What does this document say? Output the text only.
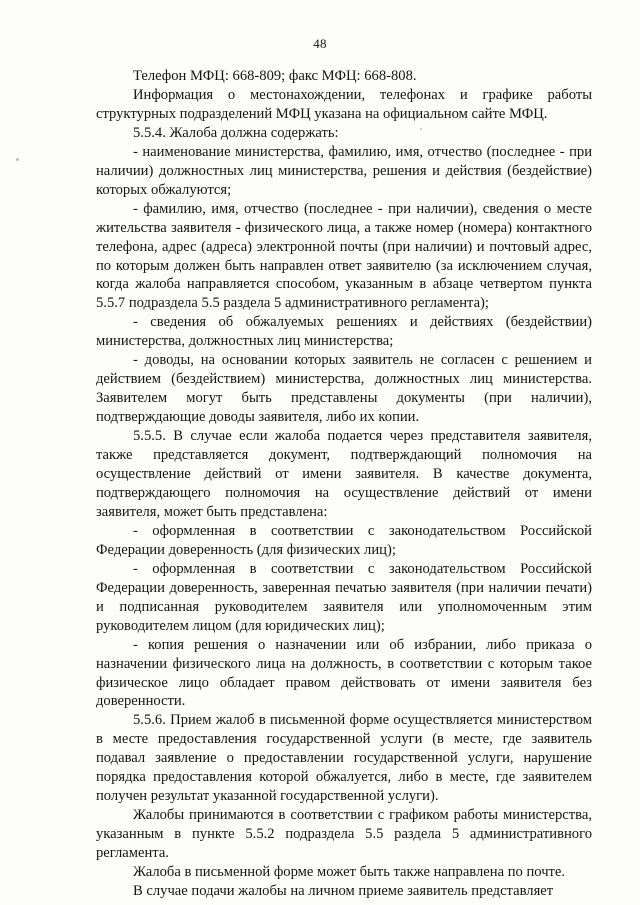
48

Телефон МФЦ: 668-809; факс МФЦ: 668-808.

Информация о местонахождении, телефонах и графике работы структурных подразделений МФЦ указана на официальном сайте МФЦ.

5.5.4. Жалоба должна содержать:

- наименование министерства, фамилию, имя, отчество (последнее - при наличии) должностных лиц министерства, решения и действия (бездействие) которых обжалуются;

- фамилию, имя, отчество (последнее - при наличии), сведения о месте жительства заявителя - физического лица, а также номер (номера) контактного телефона, адрес (адреса) электронной почты (при наличии) и почтовый адрес, по которым должен быть направлен ответ заявителю (за исключением случая, когда жалоба направляется способом, указанным в абзаце четвертом пункта 5.5.7 подраздела 5.5 раздела 5 административного регламента);

- сведения об обжалуемых решениях и действиях (бездействии) министерства, должностных лиц министерства;

- доводы, на основании которых заявитель не согласен с решением и действием (бездействием) министерства, должностных лиц министерства. Заявителем могут быть представлены документы (при наличии), подтверждающие доводы заявителя, либо их копии.

5.5.5. В случае если жалоба подается через представителя заявителя, также представляется документ, подтверждающий полномочия на осуществление действий от имени заявителя. В качестве документа, подтверждающего полномочия на осуществление действий от имени заявителя, может быть представлена:

- оформленная в соответствии с законодательством Российской Федерации доверенность (для физических лиц);

- оформленная в соответствии с законодательством Российской Федерации доверенность, заверенная печатью заявителя (при наличии печати) и подписанная руководителем заявителя или уполномоченным этим руководителем лицом (для юридических лиц);

- копия решения о назначении или об избрании, либо приказа о назначении физического лица на должность, в соответствии с которым такое физическое лицо обладает правом действовать от имени заявителя без доверенности.

5.5.6. Прием жалоб в письменной форме осуществляется министерством в месте предоставления государственной услуги (в месте, где заявитель подавал заявление о предоставлении государственной услуги, нарушение порядка предоставления которой обжалуется, либо в месте, где заявителем получен результат указанной государственной услуги).

Жалобы принимаются в соответствии с графиком работы министерства, указанным в пункте 5.5.2 подраздела 5.5 раздела 5 административного регламента.

Жалоба в письменной форме может быть также направлена по почте.

В случае подачи жалобы на личном приеме заявитель представляет
